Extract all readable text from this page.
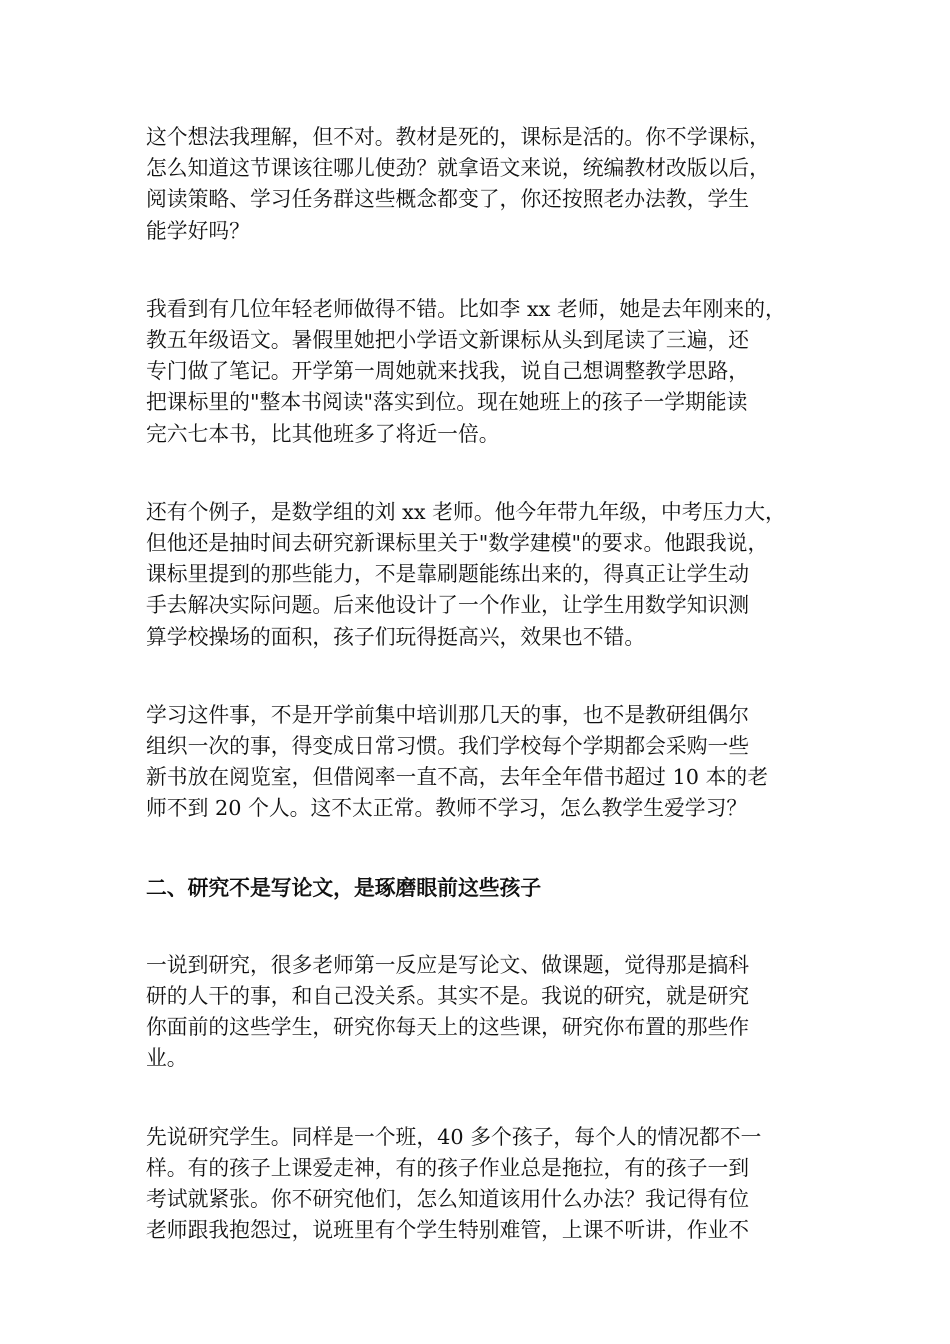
这个想法我理解，但不对。教材是死的，课标是活的。你不学课标，
怎么知道这节课该往哪儿使劲？就拿语文来说，统编教材改版以后，
阅读策略、学习任务群这些概念都变了，你还按照老办法教，学生
能学好吗？

我看到有几位年轻老师做得不错。比如李 xx 老师，她是去年刚来的，
教五年级语文。暑假里她把小学语文新课标从头到尾读了三遍，还
专门做了笔记。开学第一周她就来找我，说自己想调整教学思路，
把课标里的"整本书阅读"落实到位。现在她班上的孩子一学期能读
完六七本书，比其他班多了将近一倍。

还有个例子，是数学组的刘 xx 老师。他今年带九年级，中考压力大，
但他还是抽时间去研究新课标里关于"数学建模"的要求。他跟我说，
课标里提到的那些能力，不是靠刷题能练出来的，得真正让学生动
手去解决实际问题。后来他设计了一个作业，让学生用数学知识测
算学校操场的面积，孩子们玩得挺高兴，效果也不错。

学习这件事，不是开学前集中培训那几天的事，也不是教研组偶尔
组织一次的事，得变成日常习惯。我们学校每个学期都会采购一些
新书放在阅览室，但借阅率一直不高，去年全年借书超过 10 本的老
师不到 20 个人。这不太正常。教师不学习，怎么教学生爱学习？

二、研究不是写论文，是琢磨眼前这些孩子

一说到研究，很多老师第一反应是写论文、做课题，觉得那是搞科
研的人干的事，和自己没关系。其实不是。我说的研究，就是研究
你面前的这些学生，研究你每天上的这些课，研究你布置的那些作
业。

先说研究学生。同样是一个班，40 多个孩子，每个人的情况都不一
样。有的孩子上课爱走神，有的孩子作业总是拖拉，有的孩子一到
考试就紧张。你不研究他们，怎么知道该用什么办法？我记得有位
老师跟我抱怨过，说班里有个学生特别难管，上课不听讲，作业不
